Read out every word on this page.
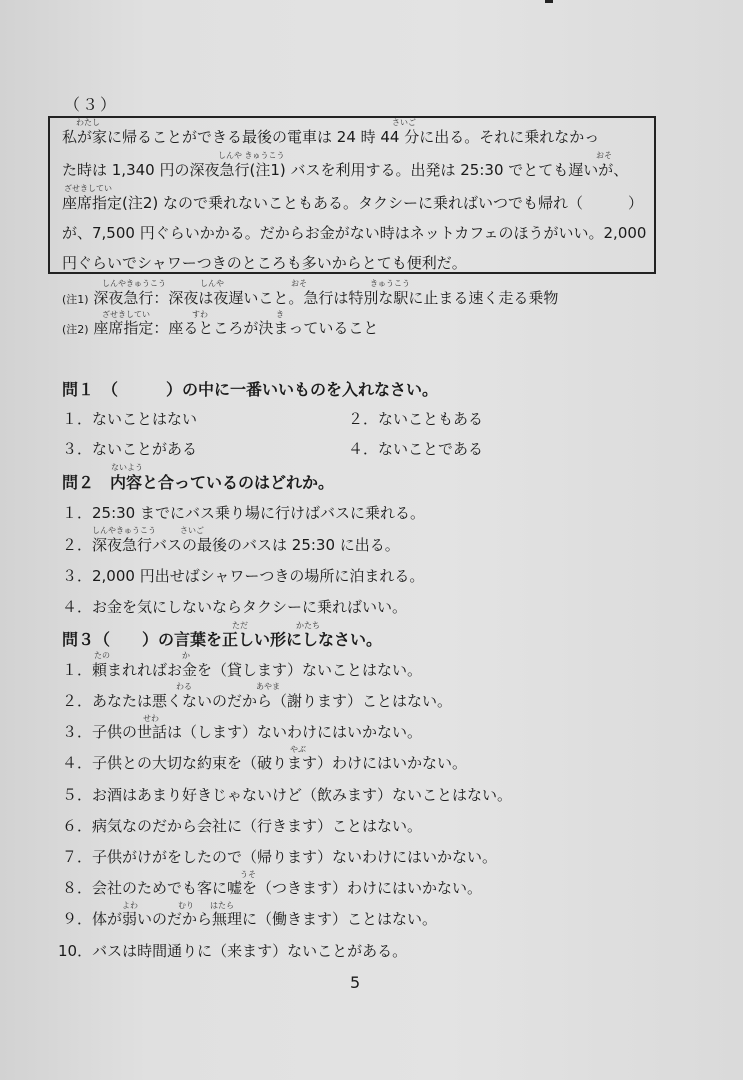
（３）
わたし	さいご
私が家に帰ることができる最後の電車は 24 時 44 分に出る。それに乗れなかっ
しんや きゅうこう	おそ
た時は 1,340 円の深夜急行(注1) バスを利用する。出発は 25:30 でとても遅いが、
ざせきしてい
座席指定(注2) なので乗れないこともある。タクシーに乗ればいつでも帰れ（　　　）
が、7,500 円ぐらいかかる。だからお金がない時はネットカフェのほうがいい。2,000
円ぐらいでシャワーつきのところも多いからとても便利だ。
しんやきゅうこう	しんや	おそ	きゅうこう
(注1) 深夜急行：深夜は夜遅いこと。急行は特別な駅に止まる速く走る乗物
ざせきしてい	すわ	き
(注2) 座席指定：座るところが決まっていること
問１　（　　　）の中に一番いいものを入れなさい。
１．ないことはない	２．ないこともある
３．ないことがある	４．ないことである
ないよう
問２　内容と合っているのはどれか。
１．25:30 までにバス乗り場に行けばバスに乗れる。
しんやきゅうこう　　　さいご
２．深夜急行バスの最後のバスは 25:30 に出る。
３．2,000 円出せばシャワーつきの場所に泊まれる。
４．お金を気にしないならタクシーに乗ればいい。
ただ	かたち
問３（　　）の言葉を正しい形にしなさい。
たの　　　　　　　　　か
１．頼まれればお金を（貸します）ないことはない。
わる　　　　　　　　あやま
２．あなたは悪くないのだから（謝ります）ことはない。
せわ
３．子供の世話は（します）ないわけにはいかない。
やぶ
４．子供との大切な約束を（破ります）わけにはいかない。
５．お酒はあまり好きじゃないけど（飲みます）ないことはない。
６．病気なのだから会社に（行きます）ことはない。
７．子供がけがをしたので（帰ります）ないわけにはいかない。
うそ
８．会社のためでも客に嘘を（つきます）わけにはいかない。
よわ　　　　　むり　　はたら
９．体が弱いのだから無理に（働きます）ことはない。
10．バスは時間通りに（来ます）ないことがある。
5
